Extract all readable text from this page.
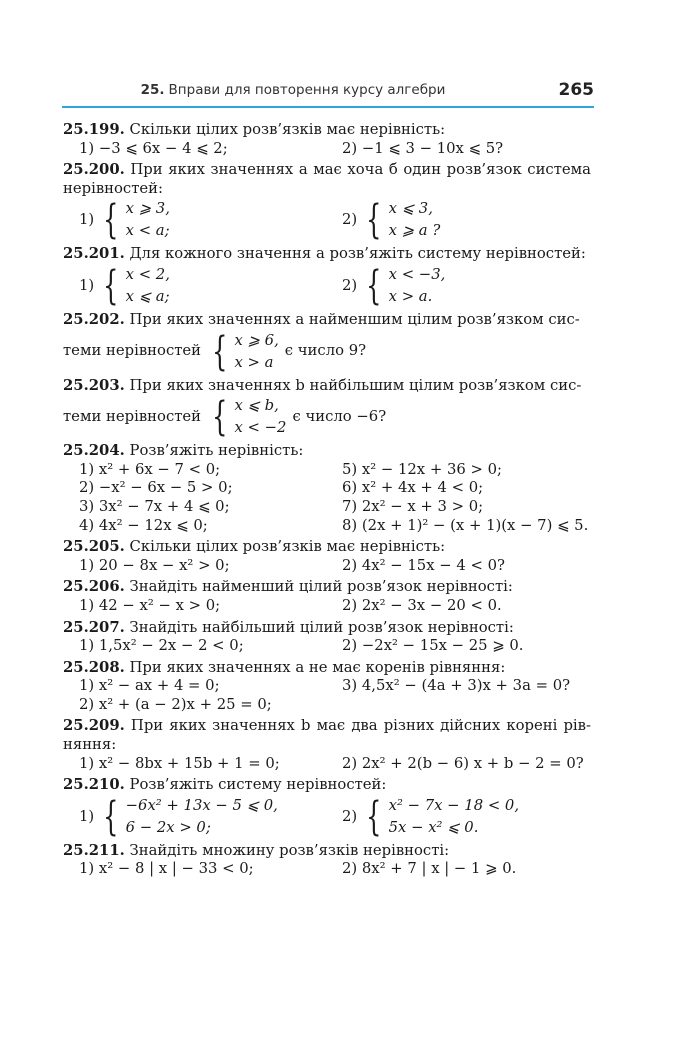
25. Вправи для повторення курсу алгебри	265
25.199. Скільки цілих розв’язків має нерівність:
1) −3 ⩽ 6x − 4 ⩽ 2;	2) −1 ⩽ 3 − 10x ⩽ 5?
25.200. При яких значеннях a має хоча б один розв’язок система нерівностей:
1) { x ⩾ 3,
x < a;
2) { x ⩽ 3,
x ⩾ a ?
25.201. Для кожного значення a розв’яжіть систему нерівностей:
1) { x < 2,
x ⩽ a;
2) { x < −3,
x > a.
25.202. При яких значеннях a найменшим цілим розв’язком сис-
теми нерівностей { x ⩾ 6,
x > a
є число 9?
25.203. При яких значеннях b найбільшим цілим розв’язком сис-
теми нерівностей { x ⩽ b,
x < −2
є число −6?
25.204. Розв’яжіть нерівність:
1) x² + 6x − 7 < 0;	5) x² − 12x + 36 > 0;
2) −x² − 6x − 5 > 0;	6) x² + 4x + 4 < 0;
3) 3x² − 7x + 4 ⩽ 0;	7) 2x² − x + 3 > 0;
4) 4x² − 12x ⩽ 0;	8) (2x + 1)² − (x + 1)(x − 7) ⩽ 5.
25.205. Скільки цілих розв’язків має нерівність:
1) 20 − 8x − x² > 0;	2) 4x² − 15x − 4 < 0?
25.206. Знайдіть найменший цілий розв’язок нерівності:
1) 42 − x² − x > 0;	2) 2x² − 3x − 20 < 0.
25.207. Знайдіть найбільший цілий розв’язок нерівності:
1) 1,5x² − 2x − 2 < 0;	2) −2x² − 15x − 25 ⩾ 0.
25.208. При яких значеннях a не має коренів рівняння:
1) x² − ax + 4 = 0;	3) 4,5x² − (4a + 3)x + 3a = 0?
2) x² + (a − 2)x + 25 = 0;
25.209. При яких значеннях b має два різних дійсних корені рів-няння:
1) x² − 8bx + 15b + 1 = 0;	2) 2x² + 2(b − 6) x + b − 2 = 0?
25.210. Розв’яжіть систему нерівностей:
1) { −6x² + 13x − 5 ⩽ 0,
6 − 2x > 0;
2) { x² − 7x − 18 < 0,
5x − x² ⩽ 0.
25.211. Знайдіть множину розв’язків нерівності:
1) x² − 8 | x | − 33 < 0;	2) 8x² + 7 | x | − 1 ⩾ 0.
